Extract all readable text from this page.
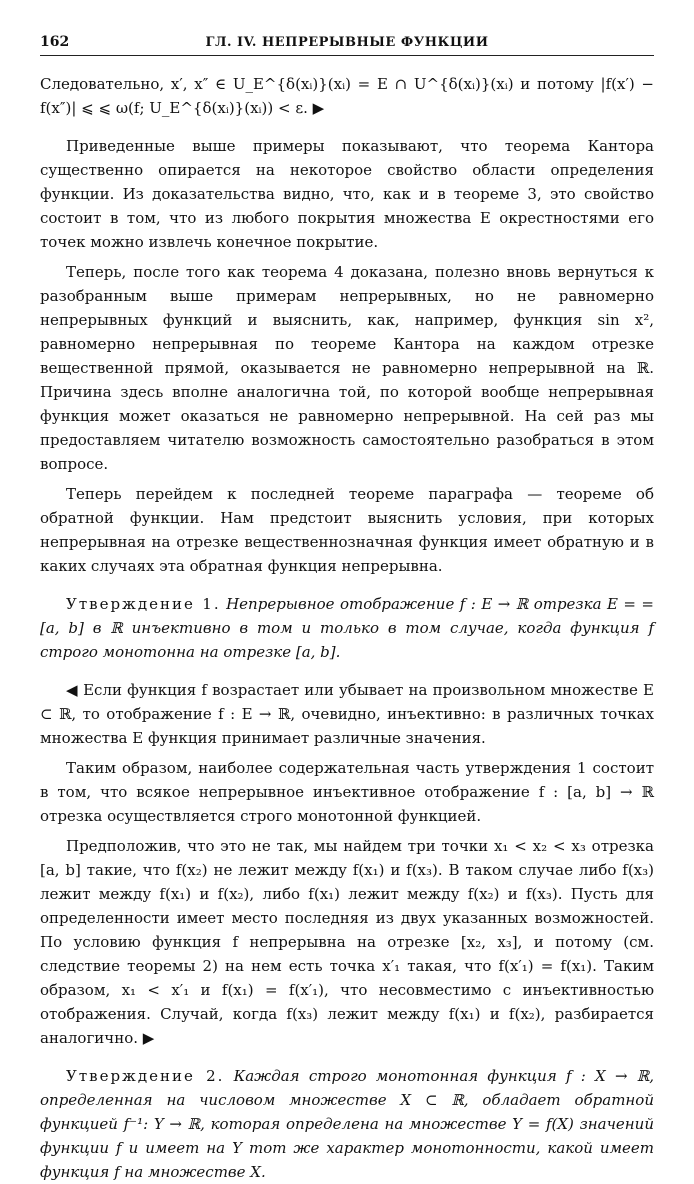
162	ГЛ. IV. НЕПРЕРЫВНЫЕ ФУНКЦИИ

Следовательно, x′, x″ ∈ U_E^{δ(xᵢ)}(xᵢ) = E ∩ U^{δ(xᵢ)}(xᵢ) и потому |f(x′) − f(x″)| ⩽ ⩽ ω(f; U_E^{δ(xᵢ)}(xᵢ)) < ε. ▶

Приведенные выше примеры показывают, что теорема Кантора существенно опирается на некоторое свойство области определения функции. Из доказательства видно, что, как и в теореме 3, это свойство состоит в том, что из любого покрытия множества E окрестностями его точек можно извлечь конечное покрытие.

Теперь, после того как теорема 4 доказана, полезно вновь вернуться к разобранным выше примерам непрерывных, но не равномерно непрерывных функций и выяснить, как, например, функция sin x², равномерно непрерывная по теореме Кантора на каждом отрезке вещественной прямой, оказывается не равномерно непрерывной на ℝ. Причина здесь вполне аналогична той, по которой вообще непрерывная функция может оказаться не равномерно непрерывной. На сей раз мы предоставляем читателю возможность самостоятельно разобраться в этом вопросе.

Теперь перейдем к последней теореме параграфа — теореме об обратной функции. Нам предстоит выяснить условия, при которых непрерывная на отрезке вещественнозначная функция имеет обратную и в каких случаях эта обратная функция непрерывна.

Утверждение 1. Непрерывное отображение f : E → ℝ отрезка E = = [a, b] в ℝ инъективно в том и только в том случае, когда функция f строго монотонна на отрезке [a, b].

◀ Если функция f возрастает или убывает на произвольном множестве E ⊂ ℝ, то отображение f : E → ℝ, очевидно, инъективно: в различных точках множества E функция принимает различные значения.

Таким образом, наиболее содержательная часть утверждения 1 состоит в том, что всякое непрерывное инъективное отображение f : [a, b] → ℝ отрезка осуществляется строго монотонной функцией.

Предположив, что это не так, мы найдем три точки x₁ < x₂ < x₃ отрезка [a, b] такие, что f(x₂) не лежит между f(x₁) и f(x₃). В таком случае либо f(x₃) лежит между f(x₁) и f(x₂), либо f(x₁) лежит между f(x₂) и f(x₃). Пусть для определенности имеет место последняя из двух указанных возможностей. По условию функция f непрерывна на отрезке [x₂, x₃], и потому (см. следствие теоремы 2) на нем есть точка x′₁ такая, что f(x′₁) = f(x₁). Таким образом, x₁ < x′₁ и f(x₁) = f(x′₁), что несовместимо с инъективностью отображения. Случай, когда f(x₃) лежит между f(x₁) и f(x₂), разбирается аналогично. ▶

Утверждение 2. Каждая строго монотонная функция f : X → ℝ, определенная на числовом множестве X ⊂ ℝ, обладает обратной функцией f⁻¹: Y → ℝ, которая определена на множестве Y = f(X) значений функции f и имеет на Y тот же характер монотонности, какой имеет функция f на множестве X.
